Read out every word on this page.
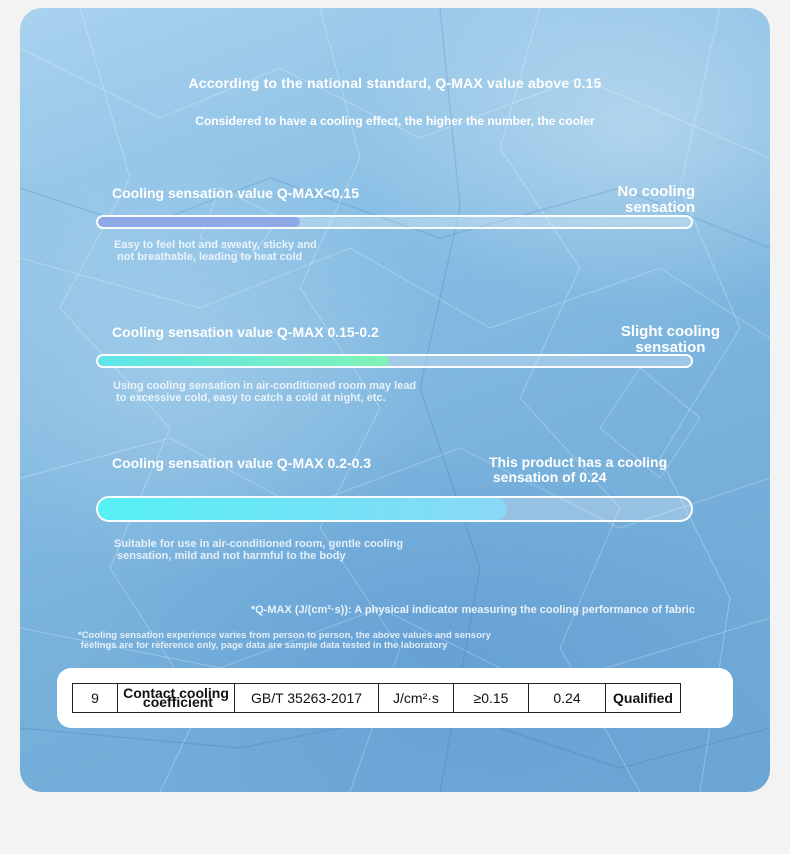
According to the national standard, Q-MAX value above 0.15
Considered to have a cooling effect, the higher the number, the cooler
Cooling sensation value Q-MAX<0.15	No cooling
sensation
Easy to feel hot and sweaty, sticky and
not breathable, leading to heat cold
Cooling sensation value Q-MAX 0.15-0.2	Slight cooling
sensation
Using cooling sensation in air-conditioned room may lead
to excessive cold, easy to catch a cold at night, etc.
Cooling sensation value Q-MAX 0.2-0.3	This product has a cooling
sensation of 0.24
Suitable for use in air-conditioned room, gentle cooling
sensation, mild and not harmful to the body
*Q-MAX (J/(cm²·s)): A physical indicator measuring the cooling performance of fabric
*Cooling sensation experience varies from person to person, the above values and sensory
feelings are for reference only, page data are sample data tested in the laboratory
9	Contact cooling
coefficient	GB/T 35263-2017	J/cm²·s	≥0.15	0.24	Qualified
